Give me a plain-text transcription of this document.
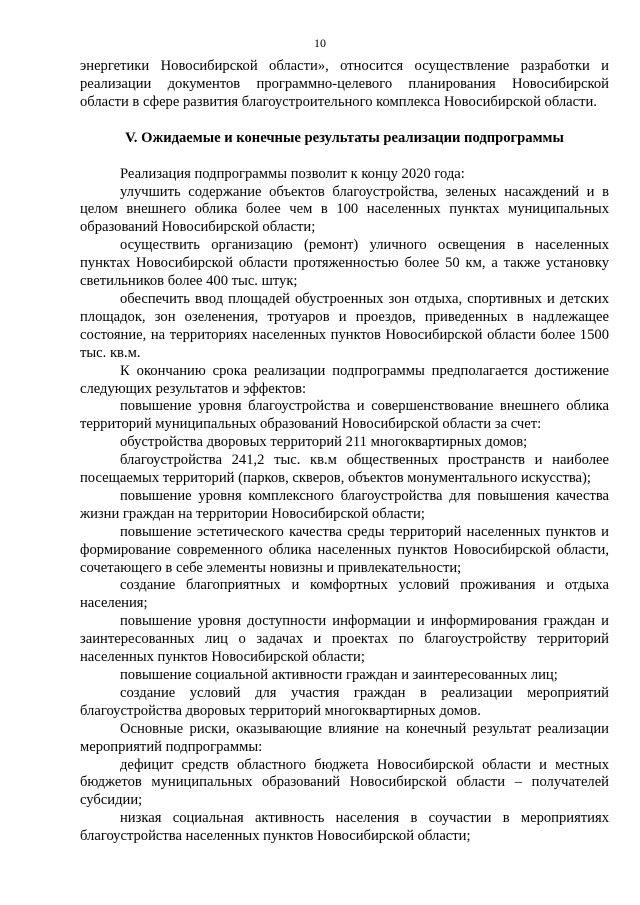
10

энергетики Новосибирской области», относится осуществление разработки и реализации документов программно-целевого планирования Новосибирской области в сфере развития благоустроительного комплекса Новосибирской области.

V. Ожидаемые и конечные результаты реализации подпрограммы

Реализация подпрограммы позволит к концу 2020 года:

улучшить содержание объектов благоустройства, зеленых насаждений и в целом внешнего облика более чем в 100 населенных пунктах муниципальных образований Новосибирской области;

осуществить организацию (ремонт) уличного освещения в населенных пунктах Новосибирской области протяженностью более 50 км, а также установку светильников более 400 тыс. штук;

обеспечить ввод площадей обустроенных зон отдыха, спортивных и детских площадок, зон озеленения, тротуаров и проездов, приведенных в надлежащее состояние, на территориях населенных пунктов Новосибирской области более 1500 тыс. кв.м.

К окончанию срока реализации подпрограммы предполагается достижение следующих результатов и эффектов:

повышение уровня благоустройства и совершенствование внешнего облика территорий муниципальных образований Новосибирской области за счет:

обустройства дворовых территорий 211 многоквартирных домов;

благоустройства 241,2 тыс. кв.м общественных пространств и наиболее посещаемых территорий (парков, скверов, объектов монументального искусства);

повышение уровня комплексного благоустройства для повышения качества жизни граждан на территории Новосибирской области;

повышение эстетического качества среды территорий населенных пунктов и формирование современного облика населенных пунктов Новосибирской области, сочетающего в себе элементы новизны и привлекательности;

создание благоприятных и комфортных условий проживания и отдыха населения;

повышение уровня доступности информации и информирования граждан и заинтересованных лиц о задачах и проектах по благоустройству территорий населенных пунктов Новосибирской области;

повышение социальной активности граждан и заинтересованных лиц;

создание условий для участия граждан в реализации мероприятий благоустройства дворовых территорий многоквартирных домов.

Основные риски, оказывающие влияние на конечный результат реализации мероприятий подпрограммы:

дефицит средств областного бюджета Новосибирской области и местных бюджетов муниципальных образований Новосибирской области – получателей субсидии;

низкая социальная активность населения в соучастии в мероприятиях благоустройства населенных пунктов Новосибирской области;
